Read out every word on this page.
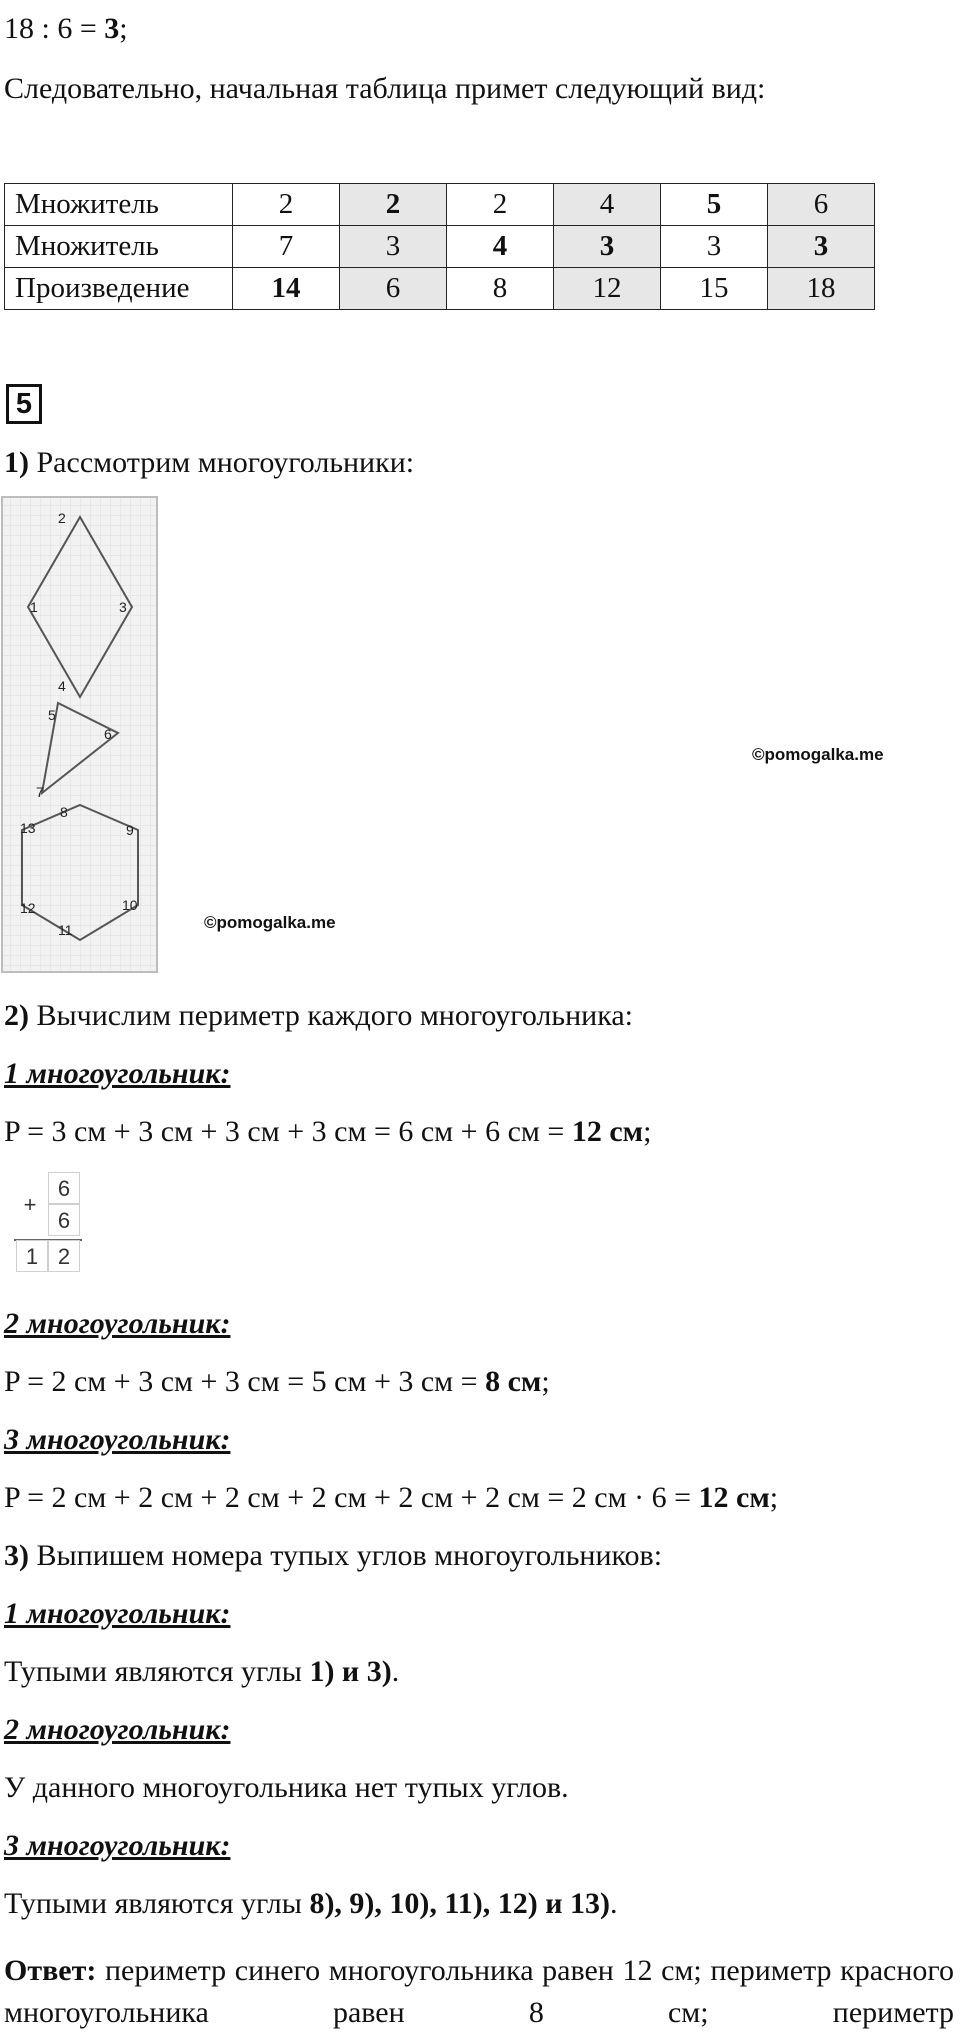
18 : 6 = 3;
Следовательно, начальная таблица примет следующий вид:
Множитель	2	2	2	4	5	6
Множитель	7	3	4	3	3	3
Произведение	14	6	8	12	15	18
5
1) Рассмотрим многоугольники:
1
2
3
4
5
6
7
8
9
10
11
12
13
©pomogalka.me
©pomogalka.me
2) Вычислим периметр каждого многоугольника:
1 многоугольник:
P = 3 см + 3 см + 3 см + 3 см = 6 см + 6 см = 12 см;
+
6
6
1 2
2 многоугольник:
P = 2 см + 3 см + 3 см = 5 см + 3 см = 8 см;
3 многоугольник:
P = 2 см + 2 см + 2 см + 2 см + 2 см + 2 см = 2 см · 6 = 12 см;
3) Выпишем номера тупых углов многоугольников:
1 многоугольник:
Тупыми являются углы 1) и 3).
2 многоугольник:
У данного многоугольника нет тупых углов.
3 многоугольник:
Тупыми являются углы 8), 9), 10), 11), 12) и 13).
Ответ: периметр синего многоугольника равен 12 см; периметр красного многоугольника равен 8 см; периметр
